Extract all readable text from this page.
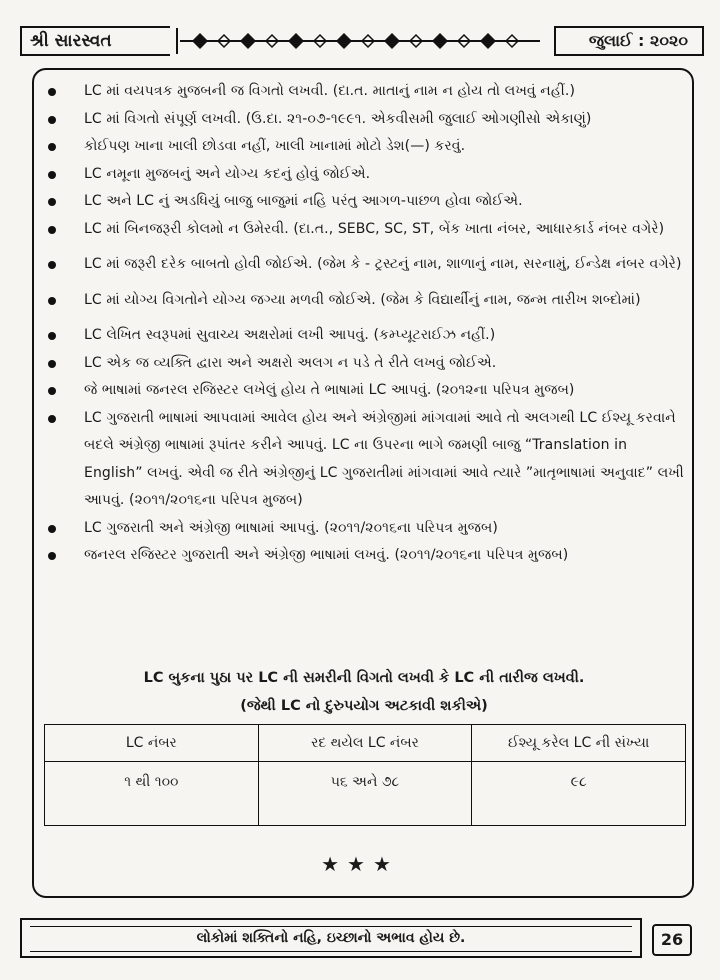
શ્રી સારસ્વત	જુલાઈ : ૨૦૨૦
LC માં વયપત્રક મુજબની જ વિગતો લખવી. (દા.ત. માતાનું નામ ન હોય તો લખવું નહીં.)
LC માં વિગતો સંપૂર્ણ લખવી. (ઉ.દા. ૨૧-૦૭-૧૯૯૧. એકવીસમી જુલાઈ ઓગણીસો એકાણું)
કોઈપણ ખાના ખાલી છોડવા નહીં, ખાલી ખાનામાં મોટો ડેશ(—) કરવું.
LC નમૂના મુજબનું અને યોગ્ય કદનું હોવું જોઈએ.
LC અને LC નું અડધિયું બાજુ બાજુમાં નહિ પરંતુ આગળ-પાછળ હોવા જોઈએ.
LC માં બિનજરૂરી કોલમો ન ઉમેરવી. (દા.ત., SEBC, SC, ST, બેંક ખાતા નંબર, આધારકાર્ડ નંબર વગેરે)
LC માં જરૂરી દરેક બાબતો હોવી જોઈએ. (જેમ કે - ટ્રસ્ટનું નામ, શાળાનું નામ, સરનામું, ઈન્ડેક્ષ નંબર વગેરે)
LC માં યોગ્ય વિગતોને યોગ્ય જગ્યા મળવી જોઈએ. (જેમ કે વિદ્યાર્થીનું નામ, જન્મ તારીખ શબ્દોમાં)
LC લેખિત સ્વરૂપમાં સુવાચ્ય અક્ષરોમાં લખી આપવું. (કમ્પ્યૂટરાઈઝ નહીં.)
LC એક જ વ્યક્તિ દ્વારા અને અક્ષરો અલગ ન પડે તે રીતે લખવું જોઈએ.
જે ભાષામાં જનરલ રજિસ્ટર લખેલું હોય તે ભાષામાં LC આપવું. (૨૦૧૨ના પરિપત્ર મુજબ)
LC ગુજરાતી ભાષામાં આપવામાં આવેલ હોય અને અંગ્રેજીમાં માંગવામાં આવે તો અલગથી LC ઈશ્યૂ કરવાને બદલે અંગ્રેજી ભાષામાં રૂપાંતર કરીને આપવું. LC ના ઉપરના ભાગે જમણી બાજુ “Translation in English” લખવું. એવી જ રીતે અંગ્રેજીનું LC ગુજરાતીમાં માંગવામાં આવે ત્યારે ”માતૃભાષામાં અનુવાદ” લખી આપવું. (૨૦૧૧/૨૦૧૬ના પરિપત્ર મુજબ)
LC ગુજરાતી અને અંગ્રેજી ભાષામાં આપવું. (૨૦૧૧/૨૦૧૬ના પરિપત્ર મુજબ)
જનરલ રજિસ્ટર ગુજરાતી અને અંગ્રેજી ભાષામાં લખવું. (૨૦૧૧/૨૦૧૬ના પરિપત્ર મુજબ)
LC બુકના પુઠા પર LC ની સમરીની વિગતો લખવી કે LC ની તારીજ લખવી.
(જેથી LC નો દુરુપયોગ અટકાવી શકીએ)
LC નંબર	રદ થયેલ LC નંબર	ઈશ્યૂ કરેલ LC ની સંખ્યા
૧ થી ૧૦૦	૫૬ અને ૭૮	૯૮
★★★
લોકોમાં શક્તિનો નહિ, ઇચ્છાનો અભાવ હોય છે.	26
